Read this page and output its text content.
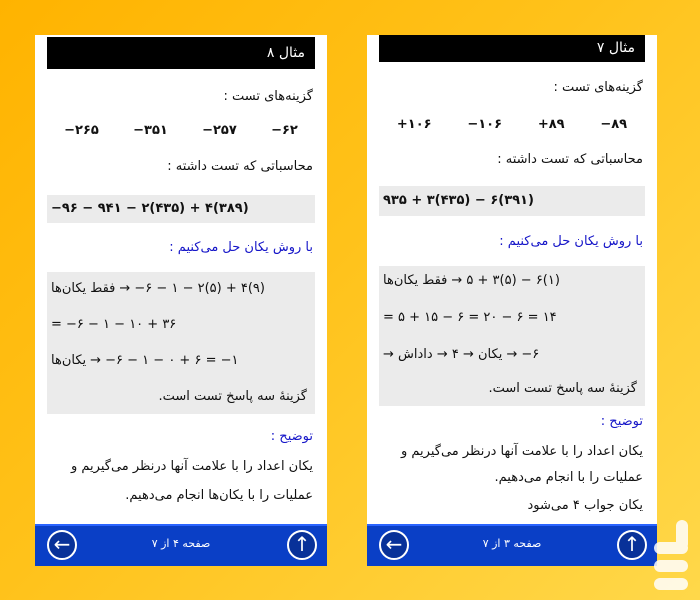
مثال ۸
گزینه‌های تست :
−۲۶۵	−۳۵۱	−۲۵۷	−۶۲
محاسباتی که تست داشته :
−۹۶ − ۹۴۱ − ۲(۴۳۵) + ۴(۳۸۹)
با روش یکان حل می‌کنیم :
فقط یکان‌ها → −۶ − ۱ − ۲(۵) + ۴(۹)
= −۶ − ۱ − ۱۰ + ۳۶
یکان‌ها → −۶ − ۱ − ۰ + ۶ = −۱
گزینهٔ سه پاسخ تست است.
توضیح :
یکان اعداد را با علامت آنها درنظر می‌گیریم و
عملیات را با یکان‌ها انجام می‌دهیم.
←	صفحه ۴ از ۷	↑
مثال ۷
گزینه‌های تست :
+۱۰۶	−۱۰۶	+۸۹	−۸۹
محاسباتی که تست داشته :
۹۳۵ + ۳(۴۳۵) − ۶(۳۹۱)
با روش یکان حل می‌کنیم :
فقط یکان‌ها → ۵ + ۳(۵) − ۶(۱)
= ۵ + ۱۵ − ۶ = ۲۰ − ۶ = ۱۴
→ یکان → ۴ → داداش → −۶
گزینهٔ سه پاسخ تست است.
توضیح :
یکان اعداد را با علامت آنها درنظر می‌گیریم و
عملیات را با انجام می‌دهیم.
یکان جواب ۴ می‌شود
←	صفحه ۳ از ۷	↑
